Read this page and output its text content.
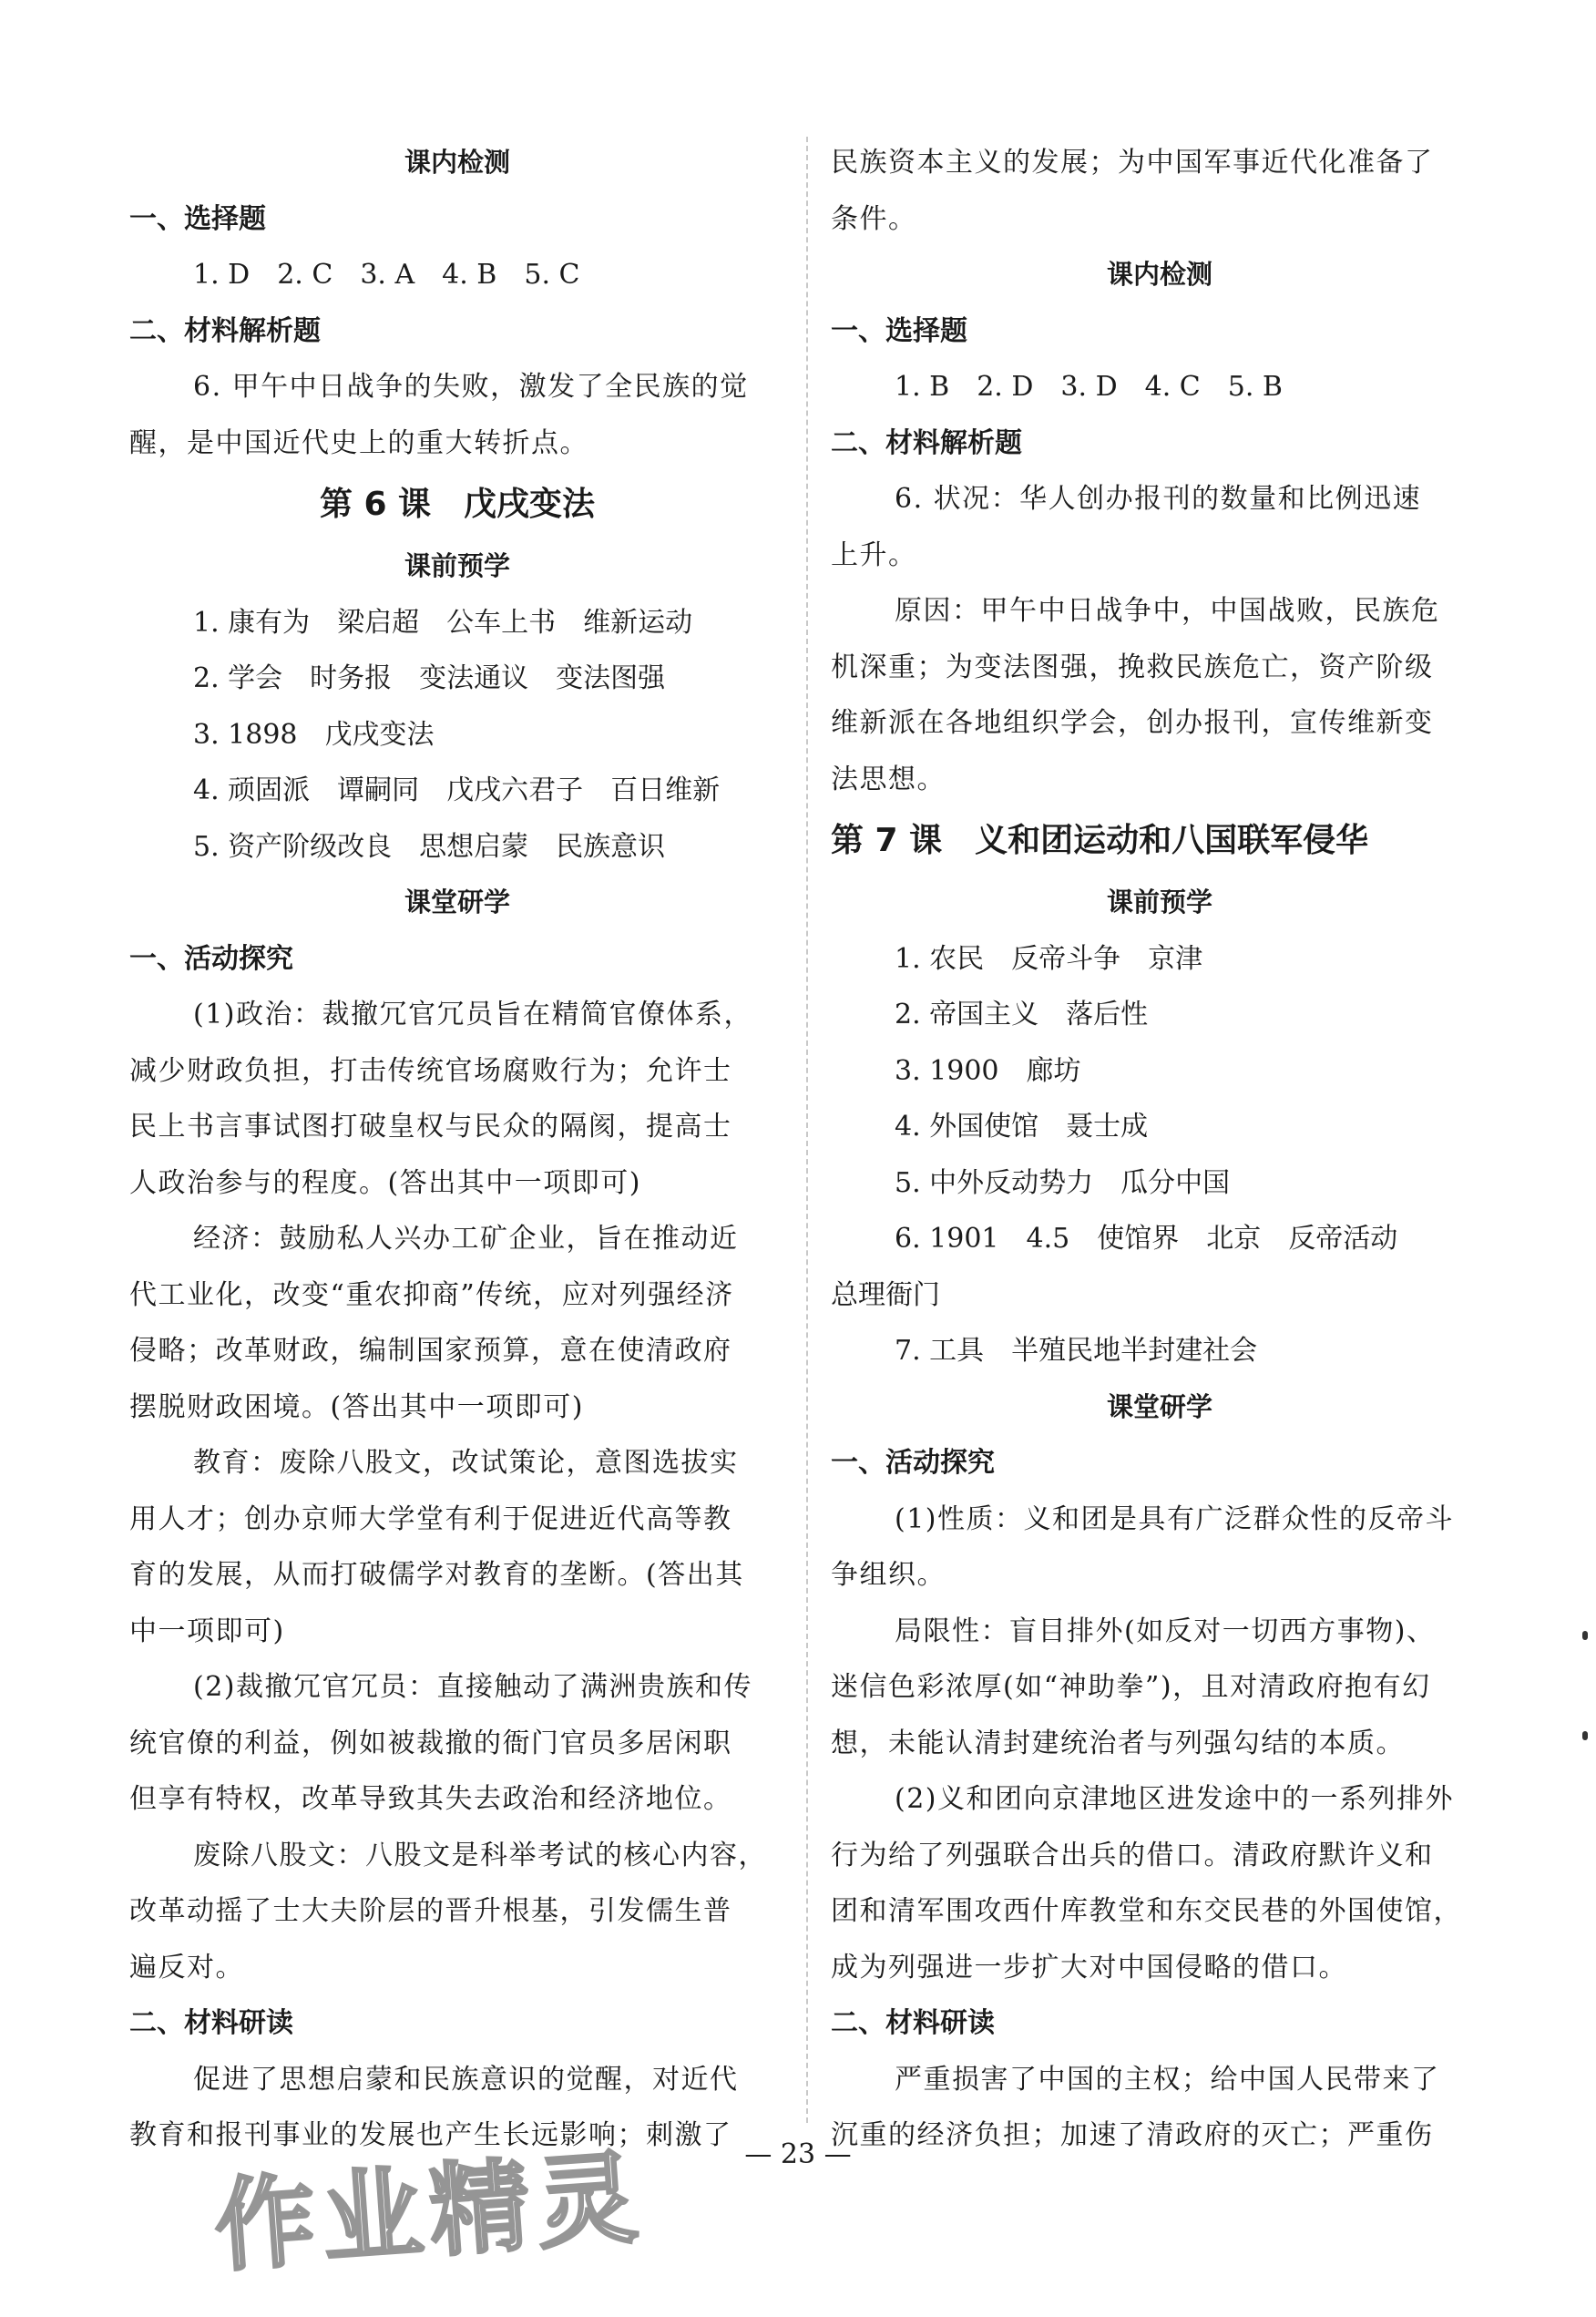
课内检测
一、选择题
1. D　2. C　3. A　4. B　5. C
二、材料解析题
6. 甲午中日战争的失败，激发了全民族的觉
醒，是中国近代史上的重大转折点。
第 6 课　戊戌变法
课前预学
1. 康有为　梁启超　公车上书　维新运动
2. 学会　时务报　变法通议　变法图强
3. 1898　戊戌变法
4. 顽固派　谭嗣同　戊戌六君子　百日维新
5. 资产阶级改良　思想启蒙　民族意识
课堂研学
一、活动探究
(1)政治：裁撤冗官冗员旨在精简官僚体系，
减少财政负担，打击传统官场腐败行为；允许士
民上书言事试图打破皇权与民众的隔阂，提高士
人政治参与的程度。(答出其中一项即可)
经济：鼓励私人兴办工矿企业，旨在推动近
代工业化，改变“重农抑商”传统，应对列强经济
侵略；改革财政，编制国家预算，意在使清政府
摆脱财政困境。(答出其中一项即可)
教育：废除八股文，改试策论，意图选拔实
用人才；创办京师大学堂有利于促进近代高等教
育的发展，从而打破儒学对教育的垄断。(答出其
中一项即可)
(2)裁撤冗官冗员：直接触动了满洲贵族和传
统官僚的利益，例如被裁撤的衙门官员多居闲职
但享有特权，改革导致其失去政治和经济地位。
废除八股文：八股文是科举考试的核心内容，
改革动摇了士大夫阶层的晋升根基，引发儒生普
遍反对。
二、材料研读
促进了思想启蒙和民族意识的觉醒，对近代
教育和报刊事业的发展也产生长远影响；刺激了
民族资本主义的发展；为中国军事近代化准备了
条件。
课内检测
一、选择题
1. B　2. D　3. D　4. C　5. B
二、材料解析题
6. 状况：华人创办报刊的数量和比例迅速
上升。
原因：甲午中日战争中，中国战败，民族危
机深重；为变法图强，挽救民族危亡，资产阶级
维新派在各地组织学会，创办报刊，宣传维新变
法思想。
第 7 课　义和团运动和八国联军侵华
课前预学
1. 农民　反帝斗争　京津
2. 帝国主义　落后性
3. 1900　廊坊
4. 外国使馆　聂士成
5. 中外反动势力　瓜分中国
6. 1901　4.5　使馆界　北京　反帝活动
总理衙门
7. 工具　半殖民地半封建社会
课堂研学
一、活动探究
(1)性质：义和团是具有广泛群众性的反帝斗
争组织。
局限性：盲目排外(如反对一切西方事物)、
迷信色彩浓厚(如“神助拳”)，且对清政府抱有幻
想，未能认清封建统治者与列强勾结的本质。
(2)义和团向京津地区进发途中的一系列排外
行为给了列强联合出兵的借口。清政府默许义和
团和清军围攻西什库教堂和东交民巷的外国使馆，
成为列强进一步扩大对中国侵略的借口。
二、材料研读
严重损害了中国的主权；给中国人民带来了
沉重的经济负担；加速了清政府的灭亡；严重伤
— 23 —
作业精灵
